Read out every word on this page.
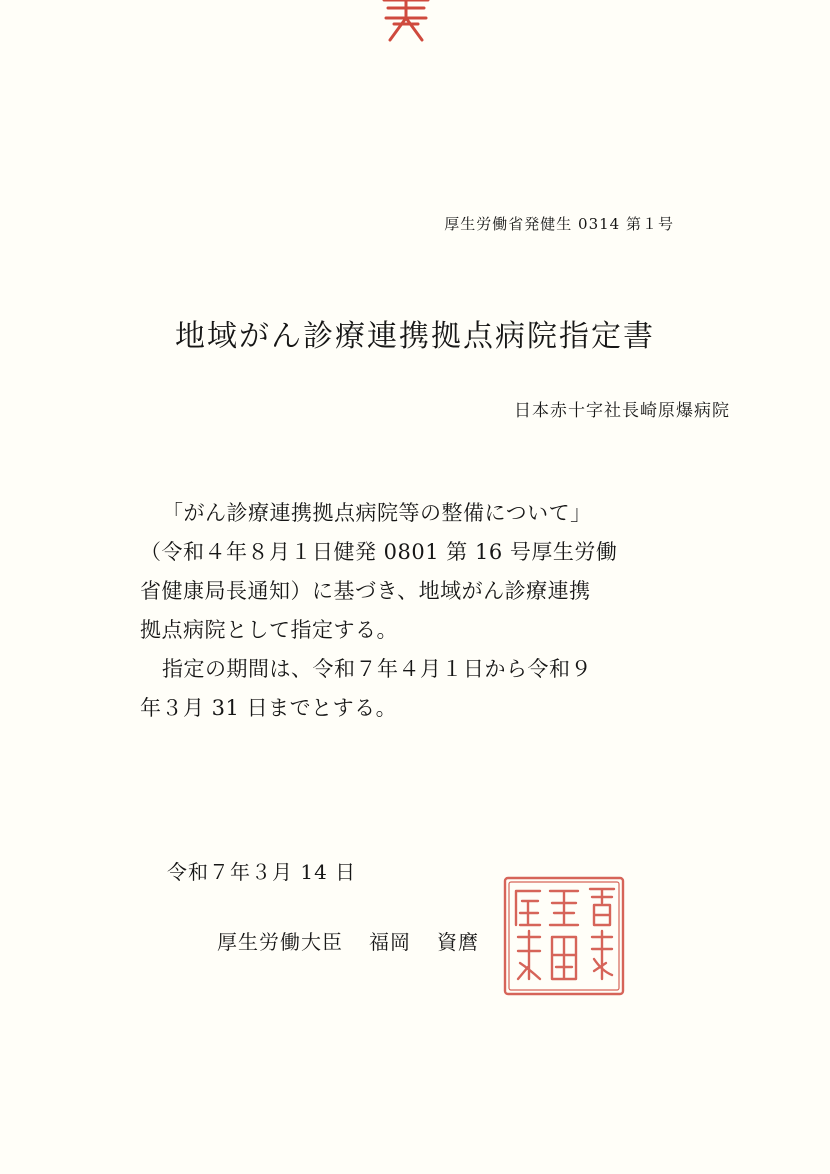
厚生労働省発健生 0314 第１号
地域がん診療連携拠点病院指定書
日本赤十字社長崎原爆病院
「がん診療連携拠点病院等の整備について」
（令和４年８月１日健発 0801 第 16 号厚生労働
省健康局長通知）に基づき、地域がん診療連携
拠点病院として指定する。
指定の期間は、令和７年４月１日から令和９
年３月 31 日までとする。
令和７年３月 14 日
厚生労働大臣 福岡 資麿
